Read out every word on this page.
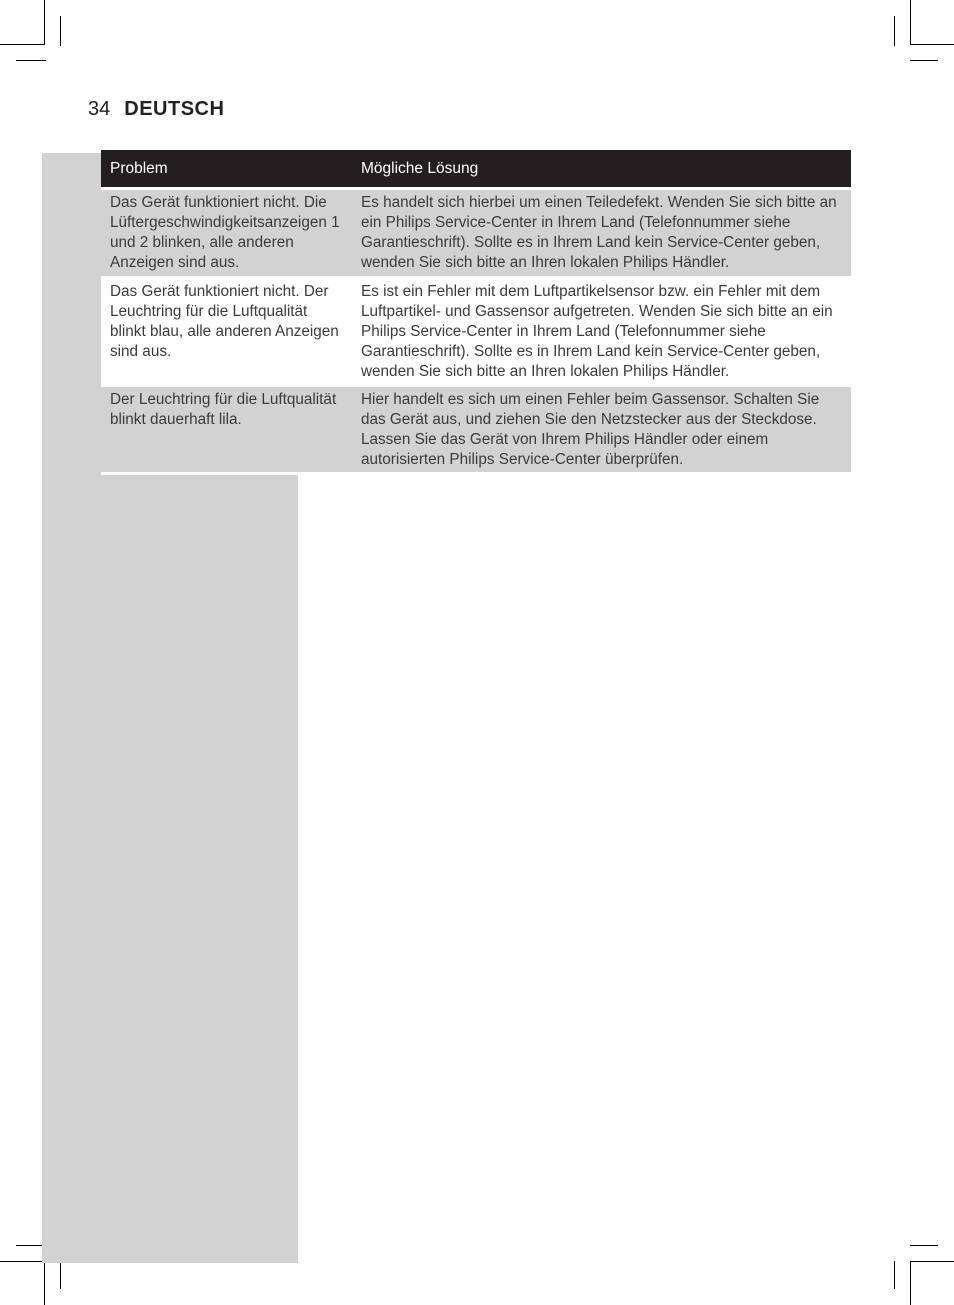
34 DEUTSCH
Problem	Mögliche Lösung
Das Gerät funktioniert nicht. Die Lüftergeschwindigkeitsanzeigen 1 und 2 blinken, alle anderen Anzeigen sind aus.
Es handelt sich hierbei um einen Teiledefekt. Wenden Sie sich bitte an ein Philips Service-Center in Ihrem Land (Telefonnummer siehe Garantieschrift). Sollte es in Ihrem Land kein Service-Center geben, wenden Sie sich bitte an Ihren lokalen Philips Händler.
Das Gerät funktioniert nicht. Der Leuchtring für die Luftqualität blinkt blau, alle anderen Anzeigen sind aus.
Es ist ein Fehler mit dem Luftpartikelsensor bzw. ein Fehler mit dem Luftpartikel- und Gassensor aufgetreten. Wenden Sie sich bitte an ein Philips Service-Center in Ihrem Land (Telefonnummer siehe Garantieschrift). Sollte es in Ihrem Land kein Service-Center geben, wenden Sie sich bitte an Ihren lokalen Philips Händler.
Der Leuchtring für die Luftqualität blinkt dauerhaft lila.
Hier handelt es sich um einen Fehler beim Gassensor. Schalten Sie das Gerät aus, und ziehen Sie den Netzstecker aus der Steckdose. Lassen Sie das Gerät von Ihrem Philips Händler oder einem autorisierten Philips Service-Center überprüfen.
